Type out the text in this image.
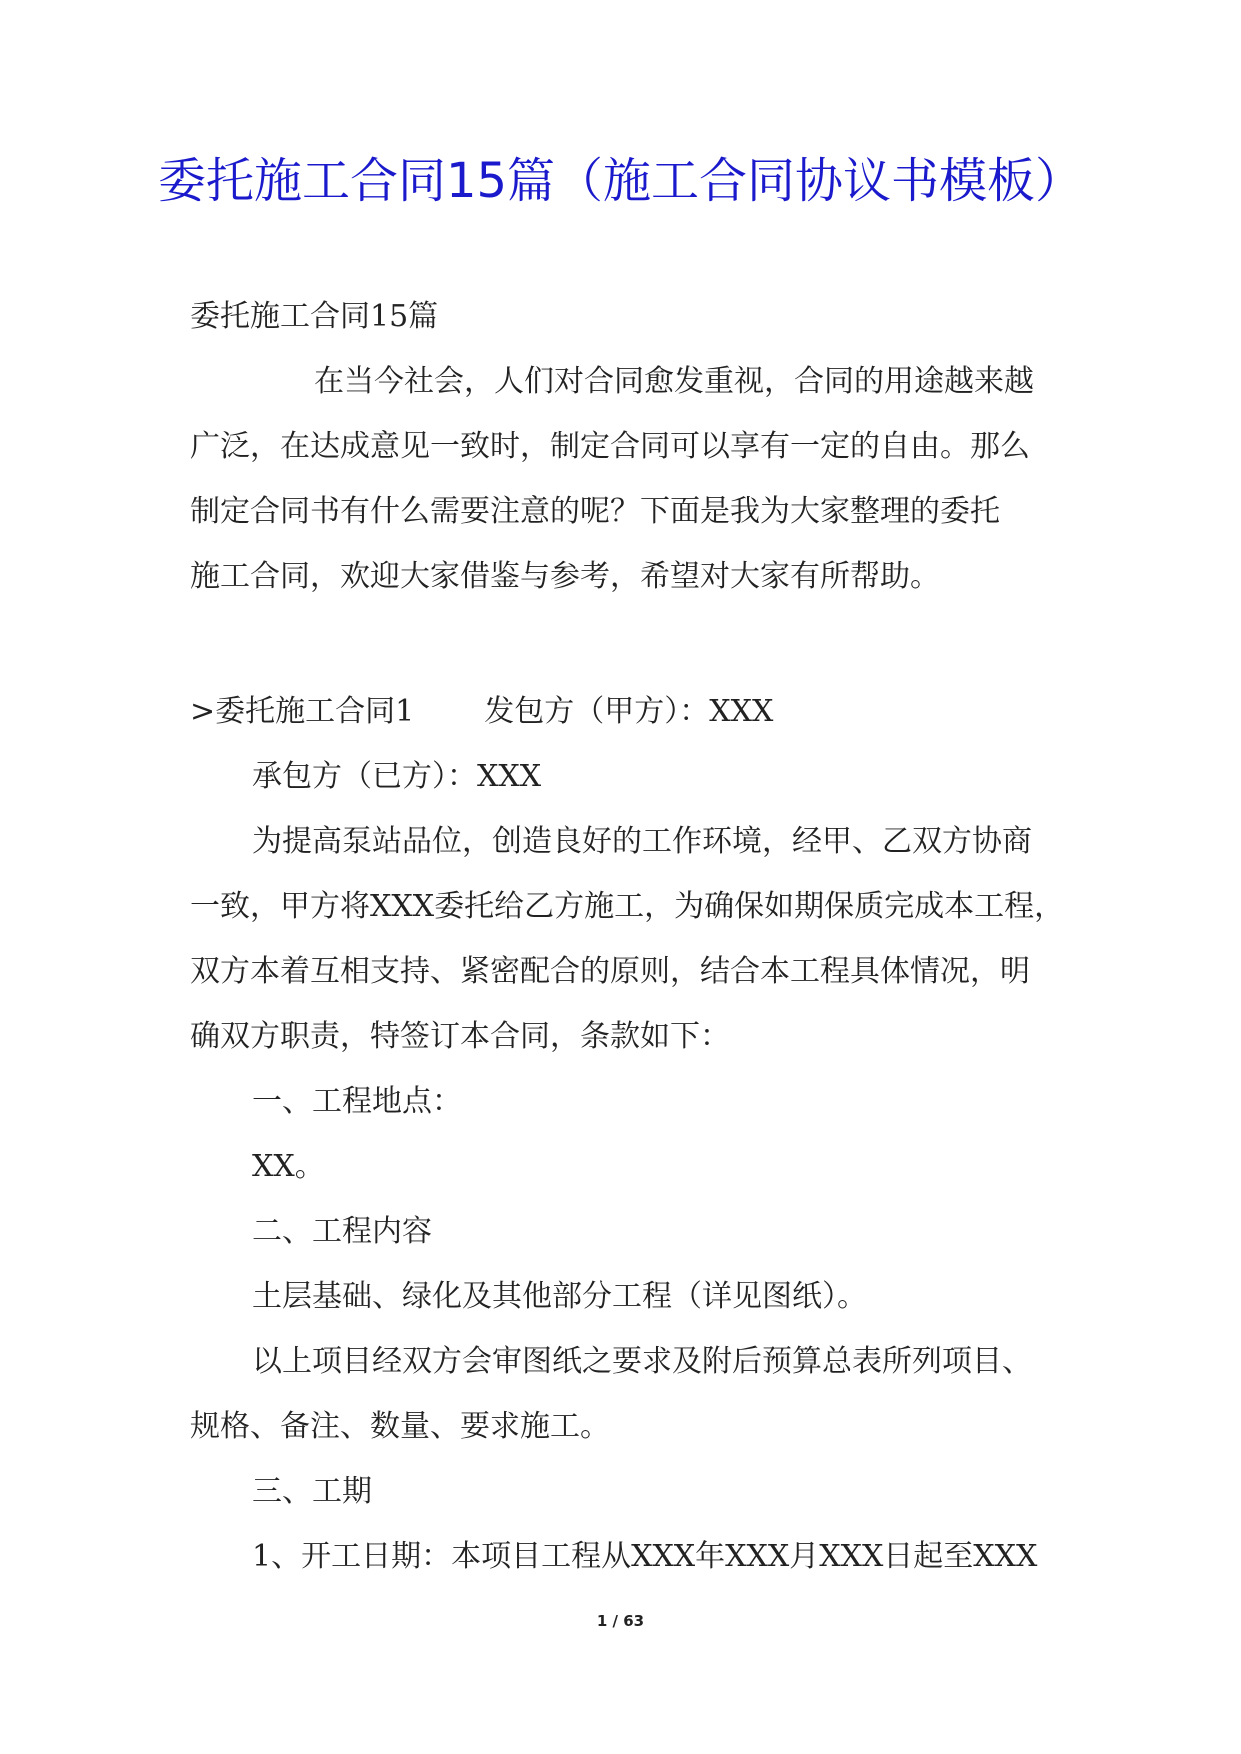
委托施工合同15篇（施工合同协议书模板）

委托施工合同15篇

在当今社会，人们对合同愈发重视，合同的用途越来越

广泛，在达成意见一致时，制定合同可以享有一定的自由。那么

制定合同书有什么需要注意的呢？下面是我为大家整理的委托

施工合同，欢迎大家借鉴与参考，希望对大家有所帮助。

>委托施工合同1 发包方（甲方）：XXX

承包方（已方）：XXX

为提高泵站品位，创造良好的工作环境，经甲、乙双方协商

一致，甲方将XXX委托给乙方施工，为确保如期保质完成本工程，

双方本着互相支持、紧密配合的原则，结合本工程具体情况，明

确双方职责，特签订本合同，条款如下：

一、工程地点：

XX。

二、工程内容

土层基础、绿化及其他部分工程（详见图纸）。

以上项目经双方会审图纸之要求及附后预算总表所列项目、

规格、备注、数量、要求施工。

三、工期

1、开工日期：本项目工程从XXX年XXX月XXX日起至XXX

1 / 63
